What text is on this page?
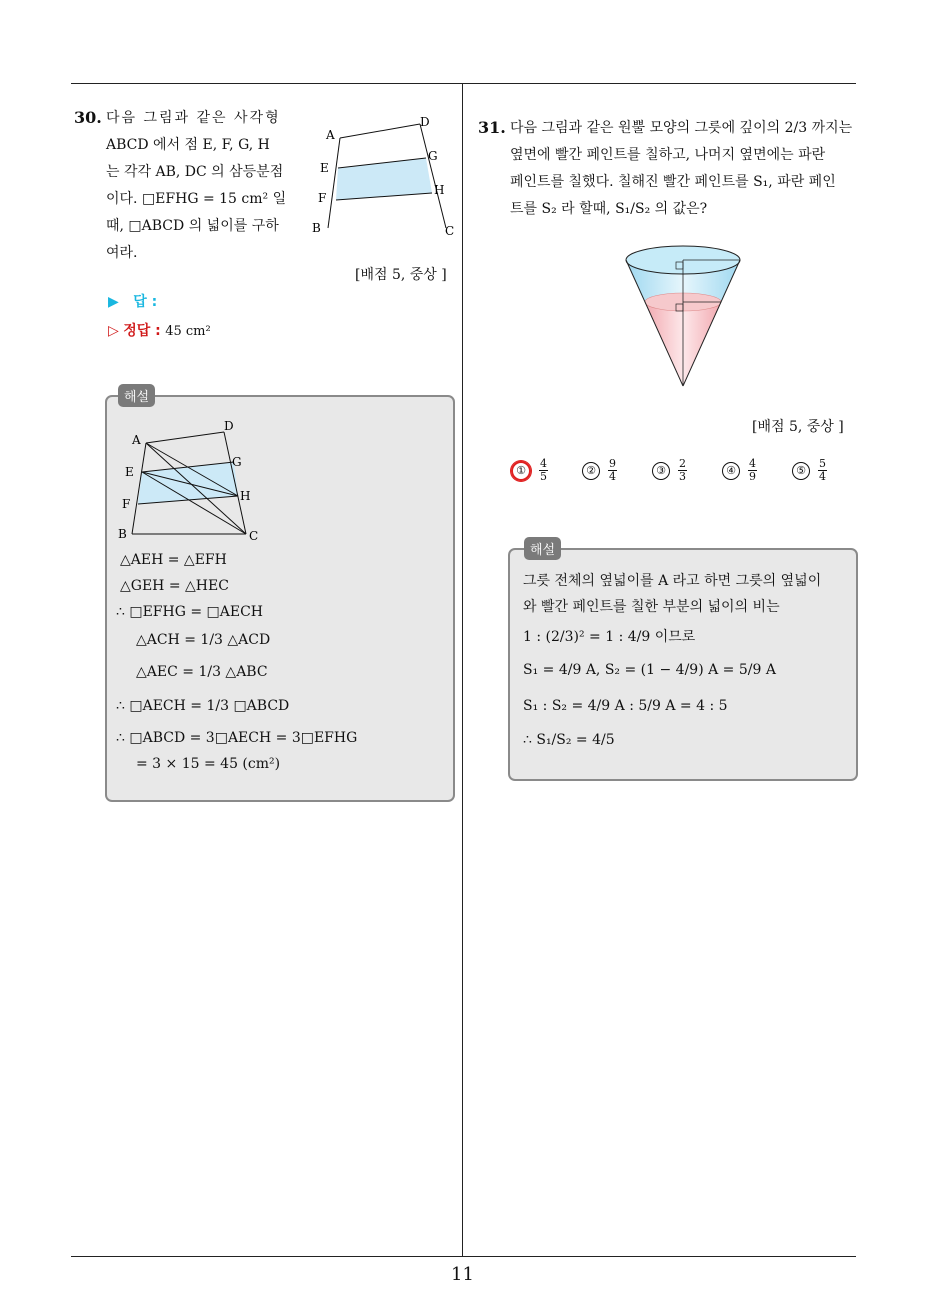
11
30. 다음 그림과 같은 사각형
ABCD 에서 점 E, F, G, H
는 각각 AB, DC 의 삼등분점
이다. □EFHG = 15 cm² 일
때, □ABCD 의 넓이를 구하
여라.
A
D
E
G
F
H
B	C
[배점 5, 중상 ]
▶ 답 :
▷ 정답 : 45 cm²
해설
A
D
E
G
F
H
B	C
△AEH = △EFH
△GEH = △HEC
∴ □EFHG = □AECH
△ACH = 1/3 △ACD
△AEC = 1/3 △ABC
∴ □AECH = 1/3 □ABCD
∴ □ABCD = 3□AECH = 3□EFHG
= 3 × 15 = 45 (cm²)
31. 다음 그림과 같은 원뿔 모양의 그릇에 깊이의 2/3 까지는
옆면에 빨간 페인트를 칠하고, 나머지 옆면에는 파란
페인트를 칠했다. 칠해진 빨간 페인트를 S₁, 파란 페인
트를 S₂ 라 할때, S₁/S₂ 의 값은?
[배점 5, 중상 ]
①	$\frac{4}{5}$	②	$\frac{9}{4}$	③	$\frac{2}{3}$	④	$\frac{4}{9}$	⑤	$\frac{5}{4}$
해설
그릇 전체의 옆넓이를 A 라고 하면 그릇의 옆넓이
와 빨간 페인트를 칠한 부분의 넓이의 비는
1 : (2/3)² = 1 : 4/9 이므로
S₁ = 4/9 A, S₂ = (1 − 4/9) A = 5/9 A
S₁ : S₂ = 4/9 A : 5/9 A = 4 : 5
∴ S₁/S₂ = 4/5
